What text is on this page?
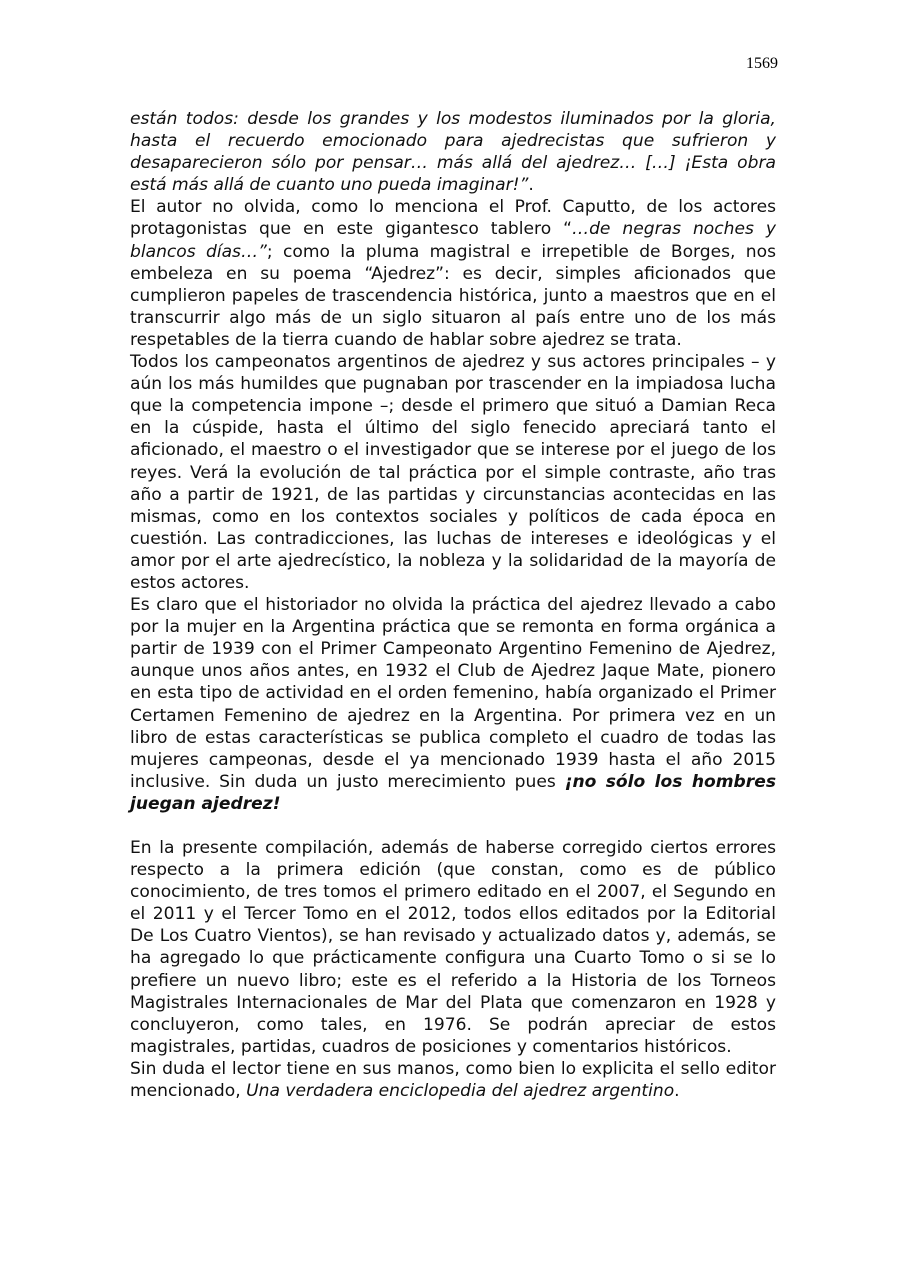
1569

están todos: desde los grandes y los modestos iluminados por la gloria, hasta el recuerdo emocionado para ajedrecistas que sufrieron y desaparecieron sólo por pensar… más allá del ajedrez… […] ¡Esta obra está más allá de cuanto uno pueda imaginar!”.

El autor no olvida, como lo menciona el Prof. Caputto, de los actores protagonistas que en este gigantesco tablero “…de negras noches y blancos días…”; como la pluma magistral e irrepetible de Borges, nos embeleza en su poema “Ajedrez”: es decir, simples aficionados que cumplieron papeles de trascendencia histórica, junto a maestros que en el transcurrir algo más de un siglo situaron al país entre uno de los más respetables de la tierra cuando de hablar sobre ajedrez se trata.

Todos los campeonatos argentinos de ajedrez y sus actores principales – y aún los más humildes que pugnaban por trascender en la impiadosa lucha que la competencia impone –; desde el primero que situó a Damian Reca en la cúspide, hasta el último del siglo fenecido apreciará tanto el aficionado, el maestro o el investigador que se interese por el juego de los reyes. Verá la evolución de tal práctica por el simple contraste, año tras año a partir de 1921, de las partidas y circunstancias acontecidas en las mismas, como en los contextos sociales y políticos de cada época en cuestión. Las contradicciones, las luchas de intereses e ideológicas y el amor por el arte ajedrecístico, la nobleza y la solidaridad de la mayoría de estos actores.

Es claro que el historiador no olvida la práctica del ajedrez llevado a cabo por la mujer en la Argentina práctica que se remonta en forma orgánica a partir de 1939 con el Primer Campeonato Argentino Femenino de Ajedrez, aunque unos años antes, en 1932 el Club de Ajedrez Jaque Mate, pionero en esta tipo de actividad en el orden femenino, había organizado el Primer Certamen Femenino de ajedrez en la Argentina. Por primera vez en un libro de estas características se publica completo el cuadro de todas las mujeres campeonas, desde el ya mencionado 1939 hasta el año 2015 inclusive. Sin duda un justo merecimiento pues ¡no sólo los hombres juegan ajedrez!

En la presente compilación, además de haberse corregido ciertos errores respecto a la primera edición (que constan, como es de público conocimiento, de tres tomos el primero editado en el 2007, el Segundo en el 2011 y el Tercer Tomo en el 2012, todos ellos editados por la Editorial De Los Cuatro Vientos), se han revisado y actualizado datos y, además, se ha agregado lo que prácticamente configura una Cuarto Tomo o si se lo prefiere un nuevo libro; este es el referido a la Historia de los Torneos Magistrales Internacionales de Mar del Plata que comenzaron en 1928 y concluyeron, como tales, en 1976. Se podrán apreciar de estos magistrales, partidas, cuadros de posiciones y comentarios históricos.

Sin duda el lector tiene en sus manos, como bien lo explicita el sello editor mencionado, Una verdadera enciclopedia del ajedrez argentino.
